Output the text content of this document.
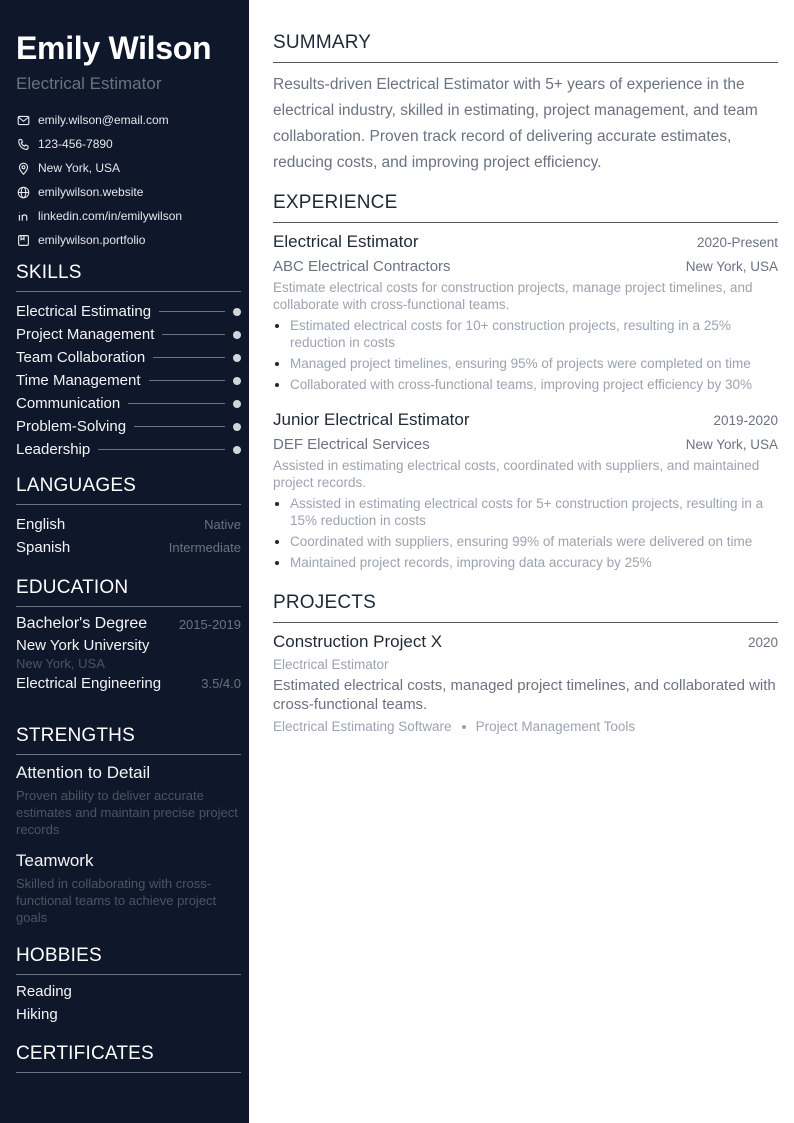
Emily Wilson
Electrical Estimator
emily.wilson@email.com
123-456-7890
New York, USA
emilywilson.website
linkedin.com/in/emilywilson
emilywilson.portfolio
SKILLS
Electrical Estimating
Project Management
Team Collaboration
Time Management
Communication
Problem-Solving
Leadership
LANGUAGES
English	Native
Spanish	Intermediate
EDUCATION
Bachelor's Degree 2015-2019
New York University
New York, USA
Electrical Engineering	3.5/4.0
STRENGTHS
Attention to Detail
Proven ability to deliver accurate estimates and maintain precise project records
Teamwork
Skilled in collaborating with cross-functional teams to achieve project goals
HOBBIES
Reading
Hiking
CERTIFICATES
SUMMARY
Results-driven Electrical Estimator with 5+ years of experience in the electrical industry, skilled in estimating, project management, and team collaboration. Proven track record of delivering accurate estimates, reducing costs, and improving project efficiency.
EXPERIENCE
Electrical Estimator	2020-Present
ABC Electrical Contractors	New York, USA
Estimate electrical costs for construction projects, manage project timelines, and collaborate with cross-functional teams.
Estimated electrical costs for 10+ construction projects, resulting in a 25% reduction in costs
Managed project timelines, ensuring 95% of projects were completed on time
Collaborated with cross-functional teams, improving project efficiency by 30%
Junior Electrical Estimator	2019-2020
DEF Electrical Services	New York, USA
Assisted in estimating electrical costs, coordinated with suppliers, and maintained project records.
Assisted in estimating electrical costs for 5+ construction projects, resulting in a 15% reduction in costs
Coordinated with suppliers, ensuring 99% of materials were delivered on time
Maintained project records, improving data accuracy by 25%
PROJECTS
Construction Project X	2020
Electrical Estimator
Estimated electrical costs, managed project timelines, and collaborated with cross-functional teams.
Electrical Estimating Software Project Management Tools
